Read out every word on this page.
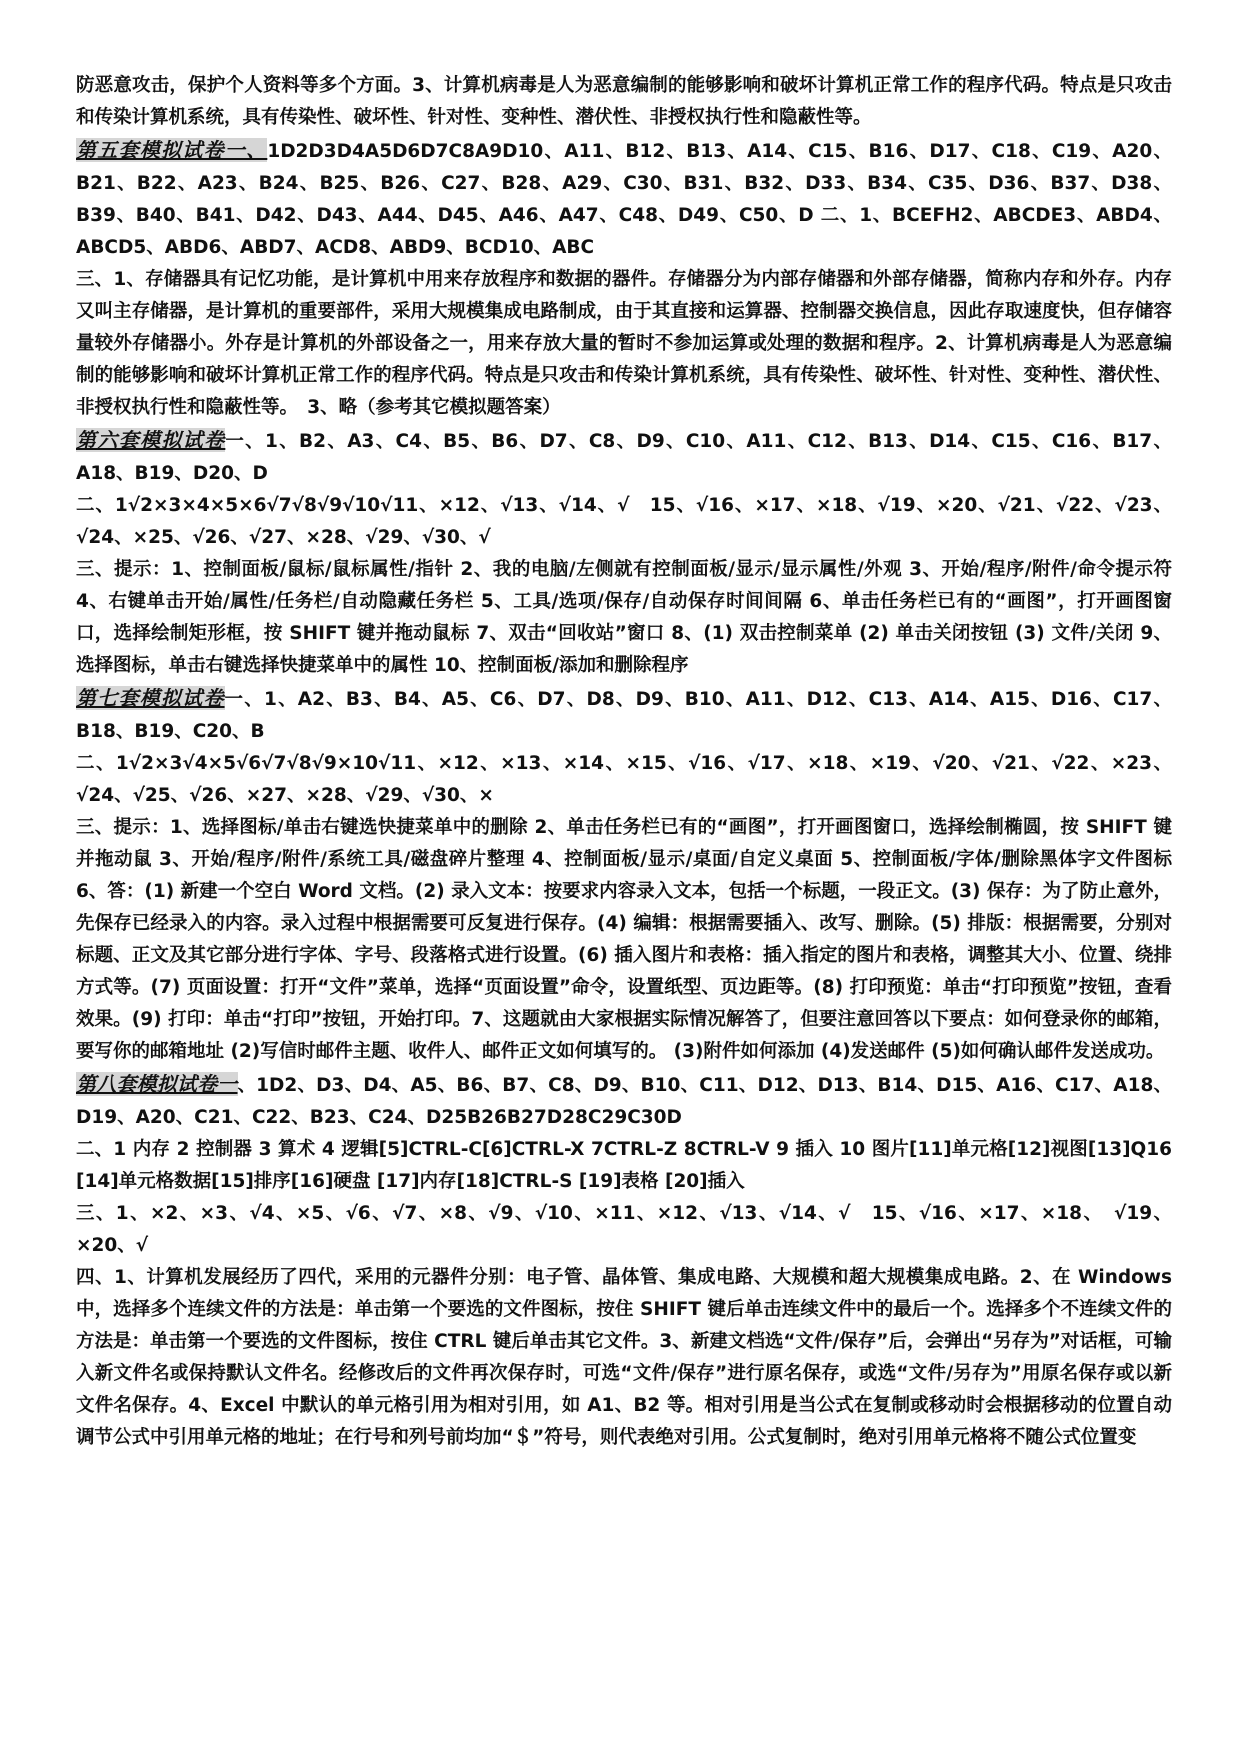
防恶意攻击，保护个人资料等多个方面。3、计算机病毒是人为恶意编制的能够影响和破坏计算机正常工作的程序代码。特点是只攻击和传染计算机系统，具有传染性、破坏性、针对性、变种性、潜伏性、非授权执行性和隐蔽性等。

第五套模拟试卷一、1D2D3D4A5D6D7C8A9D10、A11、B12、B13、A14、C15、B16、D17、C18、C19、A20、B21、B22、A23、B24、B25、B26、C27、B28、A29、C30、B31、B32、D33、B34、C35、D36、B37、D38、B39、B40、B41、D42、D43、A44、D45、A46、A47、C48、D49、C50、D 二、1、BCEFH2、ABCDE3、ABD4、ABCD5、ABD6、ABD7、ACD8、ABD9、BCD10、ABC

三、1、存储器具有记忆功能，是计算机中用来存放程序和数据的器件。存储器分为内部存储器和外部存储器，简称内存和外存。内存又叫主存储器，是计算机的重要部件，采用大规模集成电路制成，由于其直接和运算器、控制器交换信息，因此存取速度快，但存储容量较外存储器小。外存是计算机的外部设备之一，用来存放大量的暂时不参加运算或处理的数据和程序。2、计算机病毒是人为恶意编制的能够影响和破坏计算机正常工作的程序代码。特点是只攻击和传染计算机系统，具有传染性、破坏性、针对性、变种性、潜伏性、非授权执行性和隐蔽性等。　3、略（参考其它模拟题答案）

第六套模拟试卷一、1、B2、A3、C4、B5、B6、D7、C8、D9、C10、A11、C12、B13、D14、C15、C16、B17、A18、B19、D20、D

二、1√2×3×4×5×6√7√8√9√10√11、×12、√13、√14、√　15、√16、×17、×18、√19、×20、√21、√22、√23、√24、×25、√26、√27、×28、√29、√30、√

三、提示：1、控制面板/鼠标/鼠标属性/指针 2、我的电脑/左侧就有控制面板/显示/显示属性/外观 3、开始/程序/附件/命令提示符 4、右键单击开始/属性/任务栏/自动隐藏任务栏 5、工具/选项/保存/自动保存时间间隔 6、单击任务栏已有的“画图”，打开画图窗口，选择绘制矩形框，按 SHIFT 键并拖动鼠标 7、双击“回收站”窗口 8、(1) 双击控制菜单 (2) 单击关闭按钮 (3) 文件/关闭 9、选择图标，单击右键选择快捷菜单中的属性 10、控制面板/添加和删除程序

第七套模拟试卷一、1、A2、B3、B4、A5、C6、D7、D8、D9、B10、A11、D12、C13、A14、A15、D16、C17、B18、B19、C20、B

二、1√2×3√4×5√6√7√8√9×10√11、×12、×13、×14、×15、√16、√17、×18、×19、√20、√21、√22、×23、√24、√25、√26、×27、×28、√29、√30、×

三、提示：1、选择图标/单击右键选快捷菜单中的删除 2、单击任务栏已有的“画图”，打开画图窗口，选择绘制椭圆，按 SHIFT 键并拖动鼠 3、开始/程序/附件/系统工具/磁盘碎片整理 4、控制面板/显示/桌面/自定义桌面 5、控制面板/字体/删除黑体字文件图标 6、答：(1) 新建一个空白 Word 文档。(2) 录入文本：按要求内容录入文本，包括一个标题，一段正文。(3) 保存：为了防止意外，先保存已经录入的内容。录入过程中根据需要可反复进行保存。(4) 编辑：根据需要插入、改写、删除。(5) 排版：根据需要，分别对标题、正文及其它部分进行字体、字号、段落格式进行设置。(6) 插入图片和表格：插入指定的图片和表格，调整其大小、位置、绕排方式等。(7) 页面设置：打开“文件”菜单，选择“页面设置”命令，设置纸型、页边距等。(8) 打印预览：单击“打印预览”按钮，查看效果。(9) 打印：单击“打印”按钮，开始打印。7、这题就由大家根据实际情况解答了，但要注意回答以下要点：如何登录你的邮箱，要写你的邮箱地址 (2)写信时邮件主题、收件人、邮件正文如何填写的。 (3)附件如何添加 (4)发送邮件 (5)如何确认邮件发送成功。

第八套模拟试卷一、1D2、D3、D4、A5、B6、B7、C8、D9、B10、C11、D12、D13、B14、D15、A16、C17、A18、D19、A20、C21、C22、B23、C24、D25B26B27D28C29C30D

二、1 内存 2 控制器 3 算术 4 逻辑[5]CTRL-C[6]CTRL-X 7CTRL-Z 8CTRL-V 9 插入 10 图片[11]单元格[12]视图[13]Q16 [14]单元格数据[15]排序[16]硬盘 [17]内存[18]CTRL-S [19]表格 [20]插入

三、1、×2、×3、√4、×5、√6、√7、×8、√9、√10、×11、×12、√13、√14、√　15、√16、×17、×18、　√19、×20、√

四、1、计算机发展经历了四代，采用的元器件分别：电子管、晶体管、集成电路、大规模和超大规模集成电路。2、在 Windows 中，选择多个连续文件的方法是：单击第一个要选的文件图标，按住 SHIFT 键后单击连续文件中的最后一个。选择多个不连续文件的方法是：单击第一个要选的文件图标，按住 CTRL 键后单击其它文件。3、新建文档选“文件/保存”后，会弹出“另存为”对话框，可输入新文件名或保持默认文件名。经修改后的文件再次保存时，可选“文件/保存”进行原名保存，或选“文件/另存为”用原名保存或以新文件名保存。4、Excel 中默认的单元格引用为相对引用，如 A1、B2 等。相对引用是当公式在复制或移动时会根据移动的位置自动调节公式中引用单元格的地址；在行号和列号前均加“＄”符号，则代表绝对引用。公式复制时，绝对引用单元格将不随公式位置变
